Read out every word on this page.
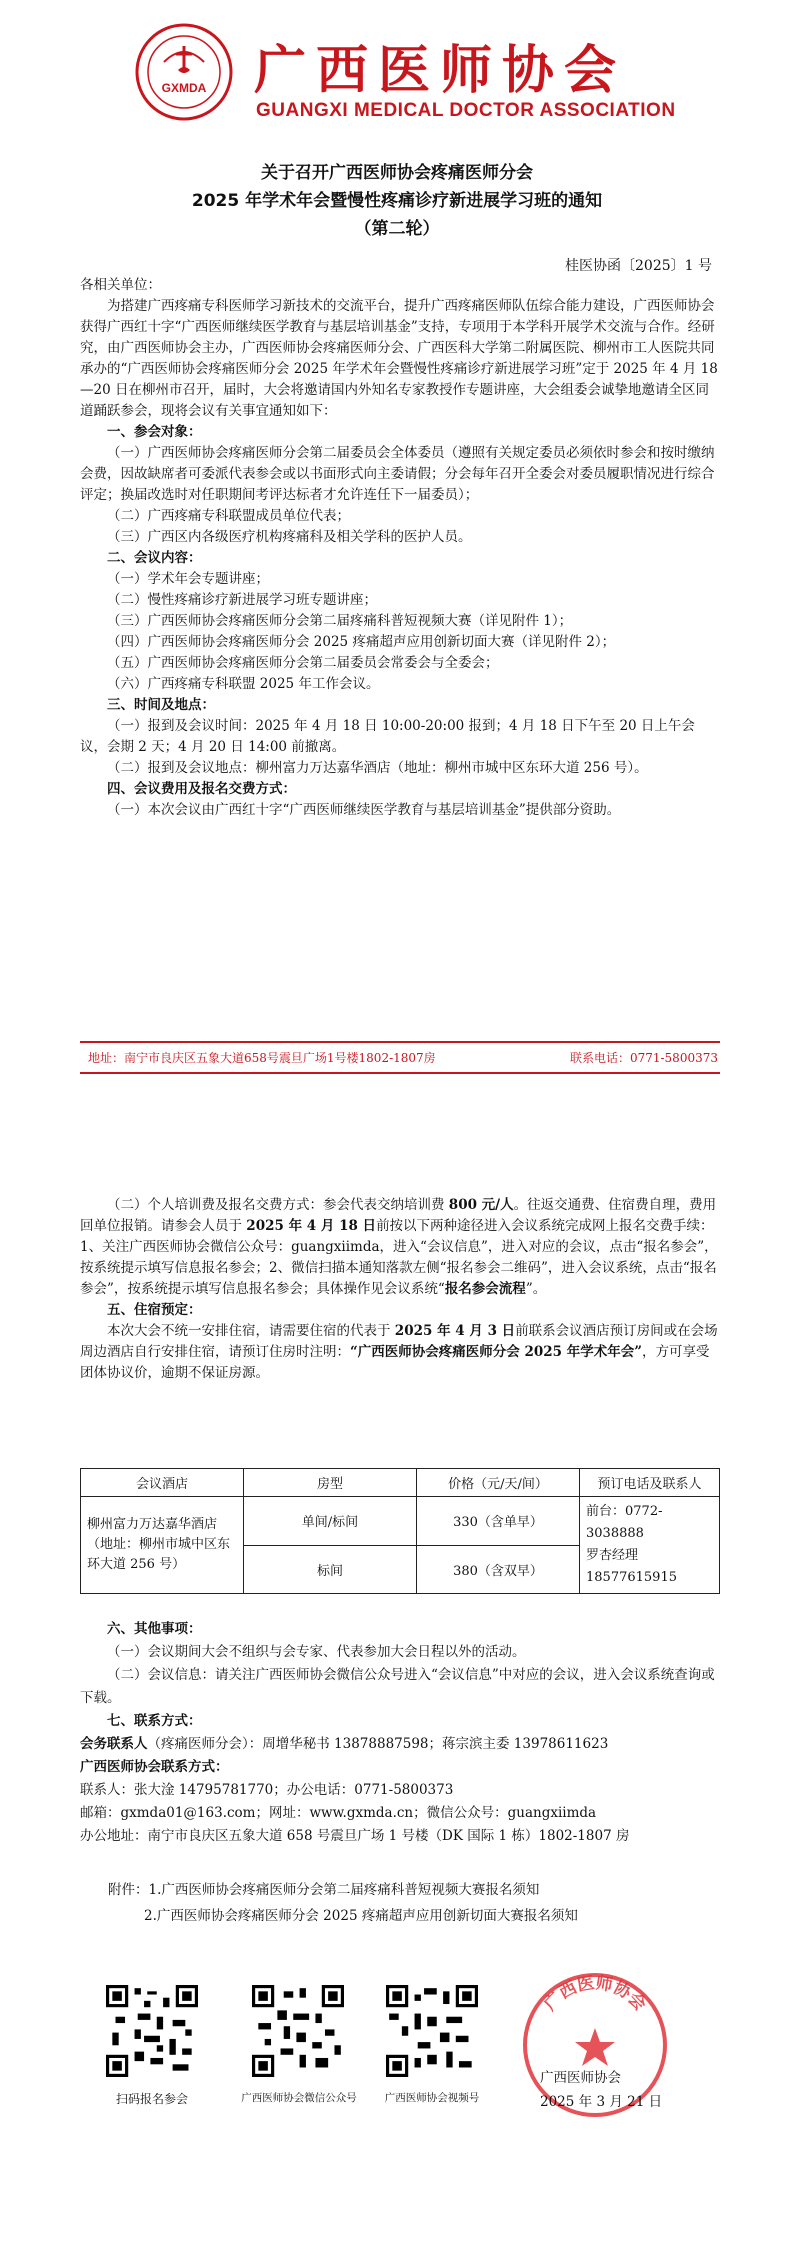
GXMDA 广西医师协会
GUANGXI MEDICAL DOCTOR ASSOCIATION
关于召开广西医师协会疼痛医师分会
2025 年学术年会暨慢性疼痛诊疗新进展学习班的通知
（第二轮）
桂医协函〔2025〕1 号

各相关单位：

为搭建广西疼痛专科医师学习新技术的交流平台，提升广西疼痛医师队伍综合能力建设，广西医师协会获得广西红十字“广西医师继续医学教育与基层培训基金”支持，专项用于本学科开展学术交流与合作。经研究，由广西医师协会主办，广西医师协会疼痛医师分会、广西医科大学第二附属医院、柳州市工人医院共同承办的“广西医师协会疼痛医师分会 2025 年学术年会暨慢性疼痛诊疗新进展学习班”定于 2025 年 4 月 18—20 日在柳州市召开，届时，大会将邀请国内外知名专家教授作专题讲座，大会组委会诚挚地邀请全区同道踊跃参会，现将会议有关事宜通知如下：

一、参会对象：

（一）广西医师协会疼痛医师分会第二届委员会全体委员（遵照有关规定委员必须依时参会和按时缴纳会费，因故缺席者可委派代表参会或以书面形式向主委请假；分会每年召开全委会对委员履职情况进行综合评定；换届改选时对任职期间考评达标者才允许连任下一届委员）；

（二）广西疼痛专科联盟成员单位代表；

（三）广西区内各级医疗机构疼痛科及相关学科的医护人员。

二、会议内容：

（一）学术年会专题讲座；

（二）慢性疼痛诊疗新进展学习班专题讲座；

（三）广西医师协会疼痛医师分会第二届疼痛科普短视频大赛（详见附件 1）；

（四）广西医师协会疼痛医师分会 2025 疼痛超声应用创新切面大赛（详见附件 2）；

（五）广西医师协会疼痛医师分会第二届委员会常委会与全委会；

（六）广西疼痛专科联盟 2025 年工作会议。

三、时间及地点：

（一）报到及会议时间：2025 年 4 月 18 日 10:00-20:00 报到；4 月 18 日下午至 20 日上午会议，会期 2 天；4 月 20 日 14:00 前撤离。

（二）报到及会议地点：柳州富力万达嘉华酒店（地址：柳州市城中区东环大道 256 号）。

四、会议费用及报名交费方式：

（一）本次会议由广西红十字“广西医师继续医学教育与基层培训基金”提供部分资助。

地址：南宁市良庆区五象大道658号震旦广场1号楼1802-1807房	联系电话：0771-5800373

（二）个人培训费及报名交费方式：参会代表交纳培训费 800 元/人。往返交通费、住宿费自理，费用回单位报销。请参会人员于 2025 年 4 月 18 日前按以下两种途径进入会议系统完成网上报名交费手续：1、关注广西医师协会微信公众号：guangxiimda，进入“会议信息”，进入对应的会议，点击“报名参会”，按系统提示填写信息报名参会；2、微信扫描本通知落款左侧“报名参会二维码”，进入会议系统，点击“报名参会”，按系统提示填写信息报名参会；具体操作见会议系统“报名参会流程”。

五、住宿预定：

本次大会不统一安排住宿，请需要住宿的代表于 2025 年 4 月 3 日前联系会议酒店预订房间或在会场周边酒店自行安排住宿，请预订住房时注明：“广西医师协会疼痛医师分会 2025 年学术年会”，方可享受团体协议价，逾期不保证房源。

会议酒店	房型	价格（元/天/间）	预订电话及联系人
柳州富力万达嘉华酒店（地址：柳州市城中区东环大道 256 号）	单间/标间	330（含单早）	前台：0772-3038888
罗杏经理 18577615915

	标间	380（含双早）	

六、其他事项：

（一）会议期间大会不组织与会专家、代表参加大会日程以外的活动。

（二）会议信息：请关注广西医师协会微信公众号进入“会议信息”中对应的会议，进入会议系统查询或下载。

七、联系方式：

会务联系人（疼痛医师分会）：周增华秘书 13878887598；蒋宗滨主委 13978611623

广西医师协会联系方式：

联系人：张大淦 14795781770；办公电话：0771-5800373

邮箱：gxmda01@163.com；网址：www.gxmda.cn；微信公众号：guangxiimda

办公地址：南宁市良庆区五象大道 658 号震旦广场 1 号楼（DK 国际 1 栋）1802-1807 房

附件：1.广西医师协会疼痛医师分会第二届疼痛科普短视频大赛报名须知

2.广西医师协会疼痛医师分会 2025 疼痛超声应用创新切面大赛报名须知

扫码报名参会	广西医师协会微信公众号	广西医师协会视频号
广西医师协会
广西医师协会
2025 年 3 月 21 日
